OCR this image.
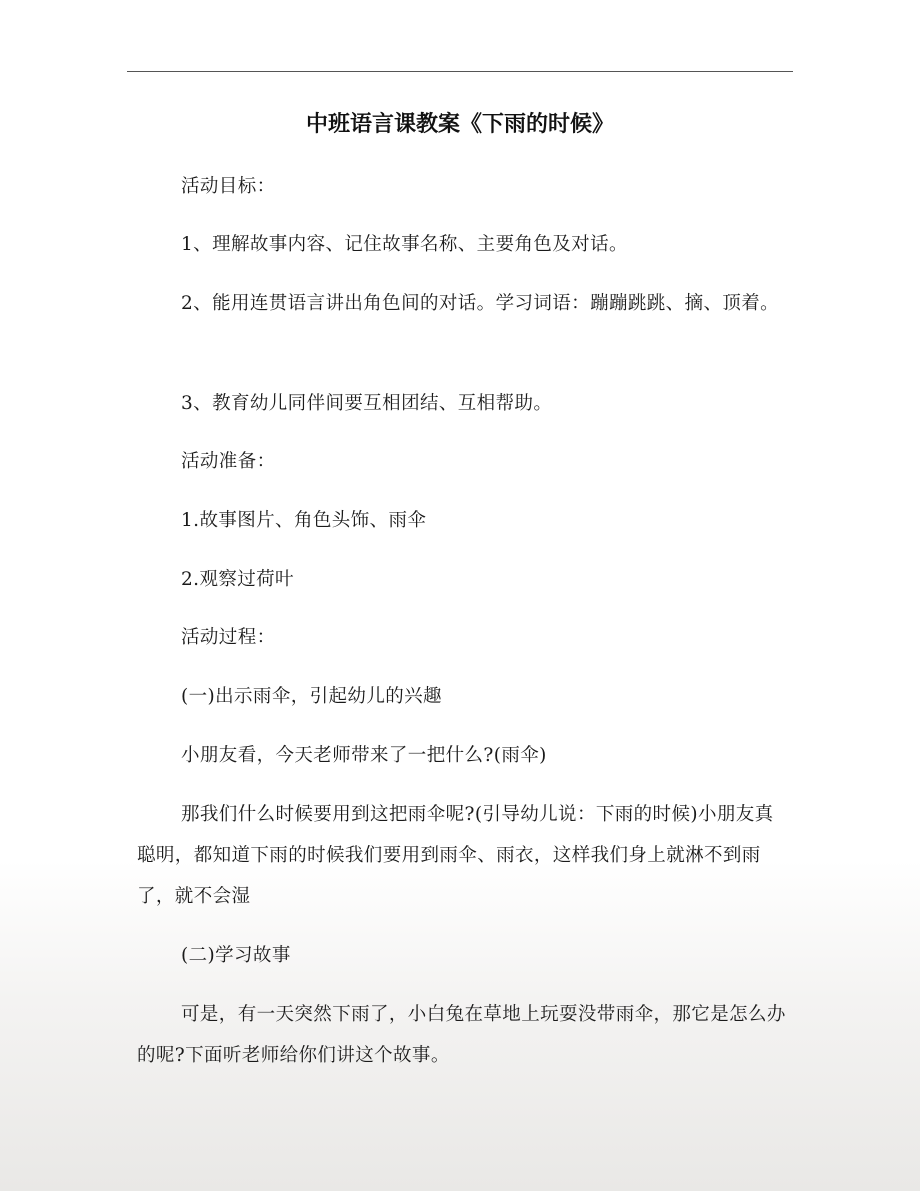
中班语言课教案《下雨的时候》

活动目标：

1、理解故事内容、记住故事名称、主要角色及对话。

2、能用连贯语言讲出角色间的对话。学习词语：蹦蹦跳跳、摘、顶着。

3、教育幼儿同伴间要互相团结、互相帮助。

活动准备：

1.故事图片、角色头饰、雨伞

2.观察过荷叶

活动过程：

(一)出示雨伞，引起幼儿的兴趣

小朋友看，今天老师带来了一把什么?(雨伞)

那我们什么时候要用到这把雨伞呢?(引导幼儿说：下雨的时候)小朋友真聪明，都知道下雨的时候我们要用到雨伞、雨衣，这样我们身上就淋不到雨了，就不会湿

(二)学习故事

可是，有一天突然下雨了，小白兔在草地上玩耍没带雨伞，那它是怎么办的呢?下面听老师给你们讲这个故事。
